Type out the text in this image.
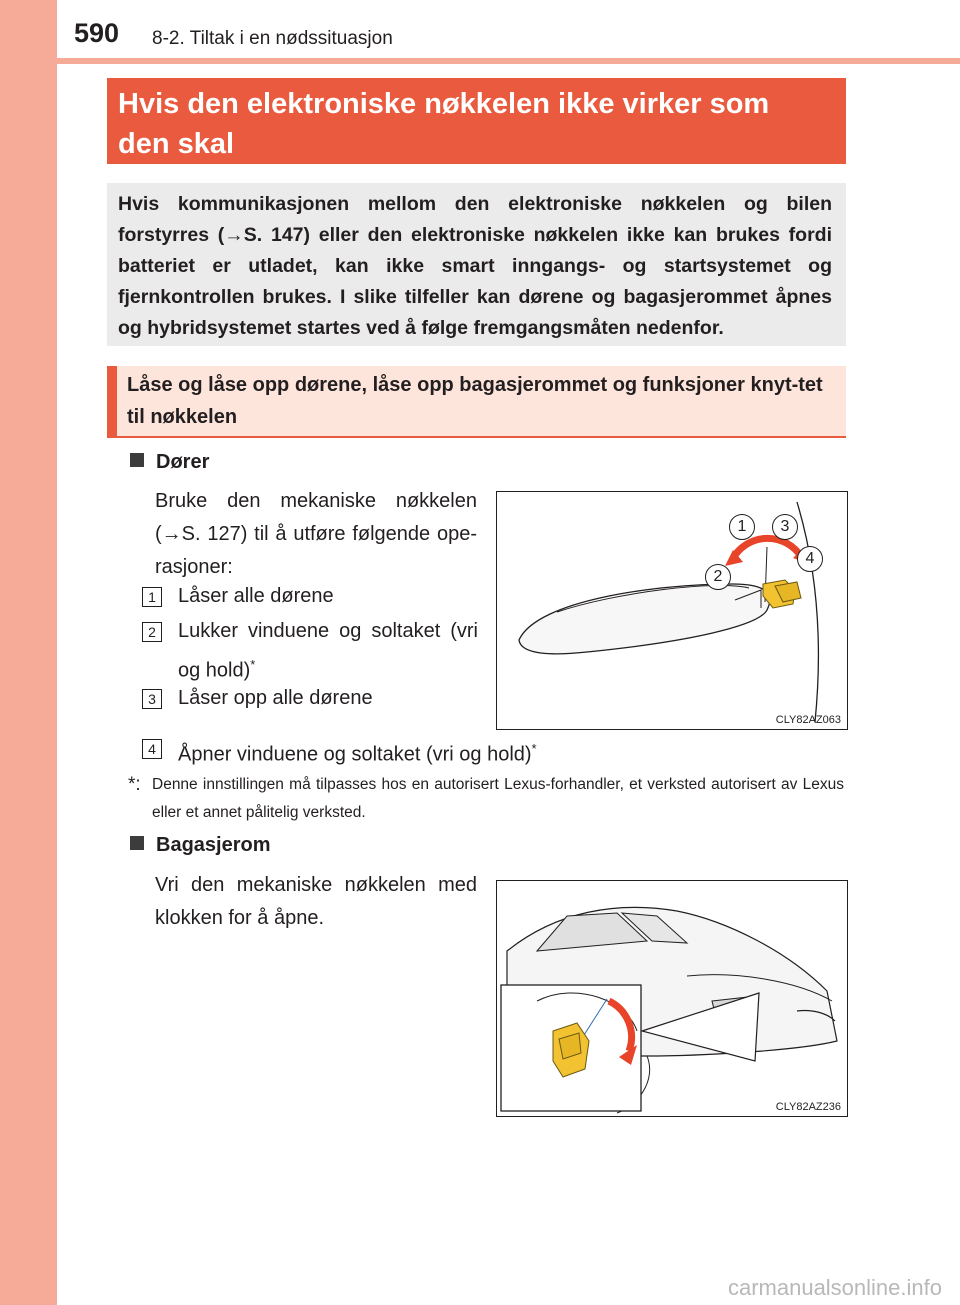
590 8-2. Tiltak i en nødssituasjon
Hvis den elektroniske nøkkelen ikke virker som den skal
Hvis kommunikasjonen mellom den elektroniske nøkkelen og bilen forstyrres (→S. 147) eller den elektroniske nøkkelen ikke kan brukes fordi batteriet er utladet, kan ikke smart inngangs- og startsystemet og fjernkontrollen brukes. I slike tilfeller kan dørene og bagasjerommet åpnes og hybridsystemet startes ved å følge fremgangsmåten nedenfor.
Låse og låse opp dørene, låse opp bagasjerommet og funksjoner knyt-tet til nøkkelen
Dører
Bruke den mekaniske nøkkelen (→S. 127) til å utføre følgende ope-rasjoner:
1	Låser alle dørene
2	Lukker vinduene og soltaket (vri og hold)*
3	Låser opp alle dørene
4	Åpner vinduene og soltaket (vri og hold)*
1
2
3
4
CLY82AZ063
*: Denne innstillingen må tilpasses hos en autorisert Lexus-forhandler, et verksted autorisert av Lexus eller et annet pålitelig verksted.
Bagasjerom
Vri den mekaniske nøkkelen med klokken for å åpne.
CLY82AZ236
carmanualsonline.info
